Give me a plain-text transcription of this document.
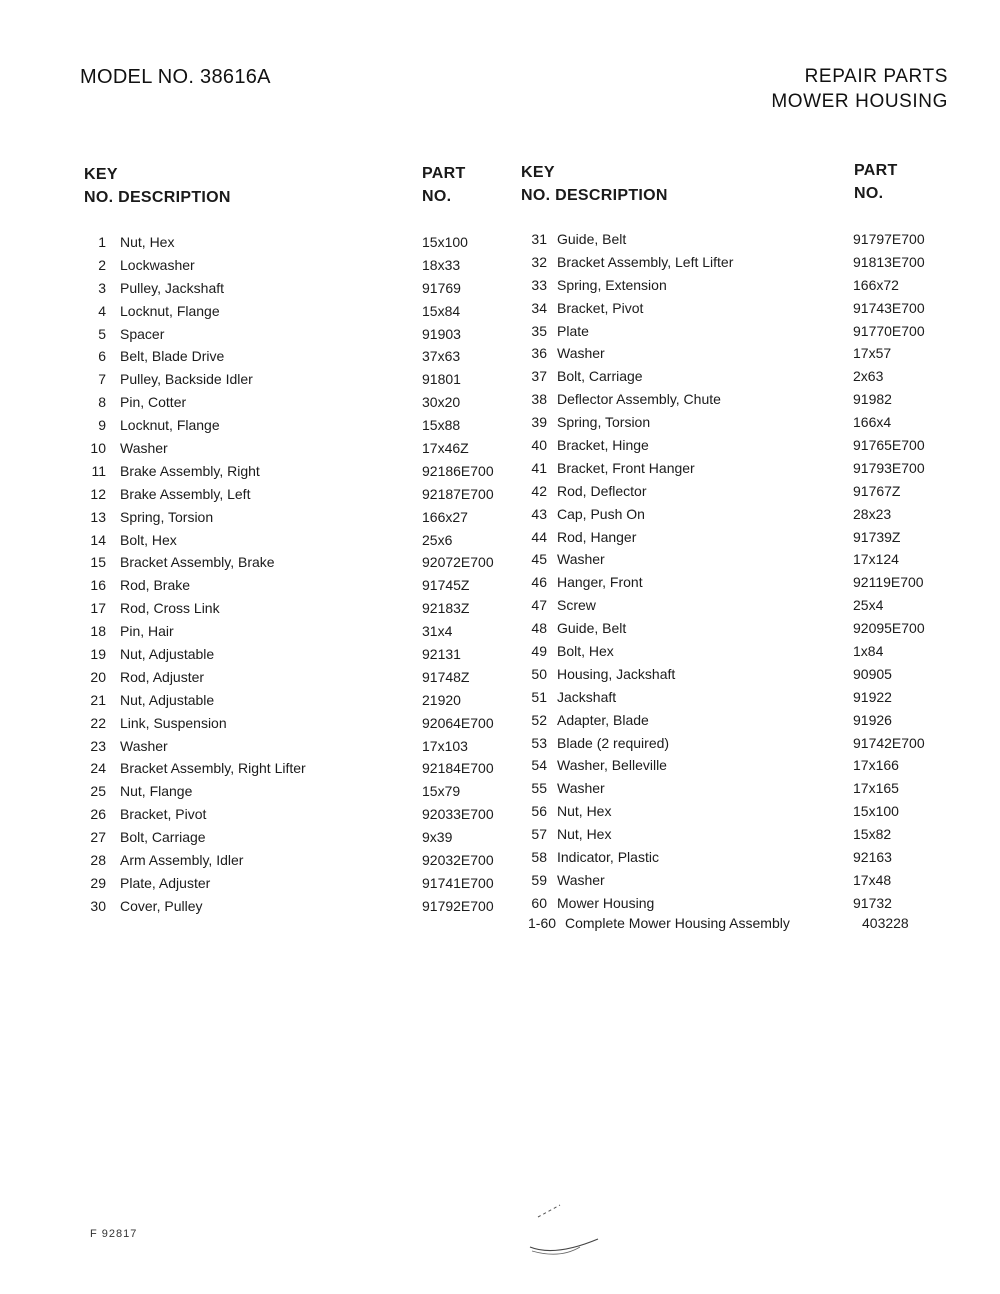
MODEL NO. 38616A	REPAIR PARTS
MOWER HOUSING
KEY
NO. DESCRIPTION
PART
NO.
KEY
NO. DESCRIPTION
PART
NO.
1 Nut, Hex	15x100
2 Lockwasher	18x33
3 Pulley, Jackshaft	91769
4 Locknut, Flange	15x84
5 Spacer	91903
6 Belt, Blade Drive	37x63
7 Pulley, Backside Idler	91801
8 Pin, Cotter	30x20
9 Locknut, Flange	15x88
10 Washer	17x46Z
11 Brake Assembly, Right	92186E700
12 Brake Assembly, Left	92187E700
13 Spring, Torsion	166x27
14 Bolt, Hex	25x6
15 Bracket Assembly, Brake	92072E700
16 Rod, Brake	91745Z
17 Rod, Cross Link	92183Z
18 Pin, Hair	31x4
19 Nut, Adjustable	92131
20 Rod, Adjuster	91748Z
21 Nut, Adjustable	21920
22 Link, Suspension	92064E700
23 Washer	17x103
24 Bracket Assembly, Right Lifter	92184E700
25 Nut, Flange	15x79
26 Bracket, Pivot	92033E700
27 Bolt, Carriage	9x39
28 Arm Assembly, Idler	92032E700
29 Plate, Adjuster	91741E700
30 Cover, Pulley	91792E700
31 Guide, Belt	91797E700
32 Bracket Assembly, Left Lifter	91813E700
33 Spring, Extension	166x72
34 Bracket, Pivot	91743E700
35 Plate	91770E700
36 Washer	17x57
37 Bolt, Carriage	2x63
38 Deflector Assembly, Chute	91982
39 Spring, Torsion	166x4
40 Bracket, Hinge	91765E700
41 Bracket, Front Hanger	91793E700
42 Rod, Deflector	91767Z
43 Cap, Push On	28x23
44 Rod, Hanger	91739Z
45 Washer	17x124
46 Hanger, Front	92119E700
47 Screw	25x4
48 Guide, Belt	92095E700
49 Bolt, Hex	1x84
50 Housing, Jackshaft	90905
51 Jackshaft	91922
52 Adapter, Blade	91926
53 Blade (2 required)	91742E700
54 Washer, Belleville	17x166
55 Washer	17x165
56 Nut, Hex	15x100
57 Nut, Hex	15x82
58 Indicator, Plastic	92163
59 Washer	17x48
60 Mower Housing	91732
1-60 Complete Mower Housing Assembly	403228
F 92817
